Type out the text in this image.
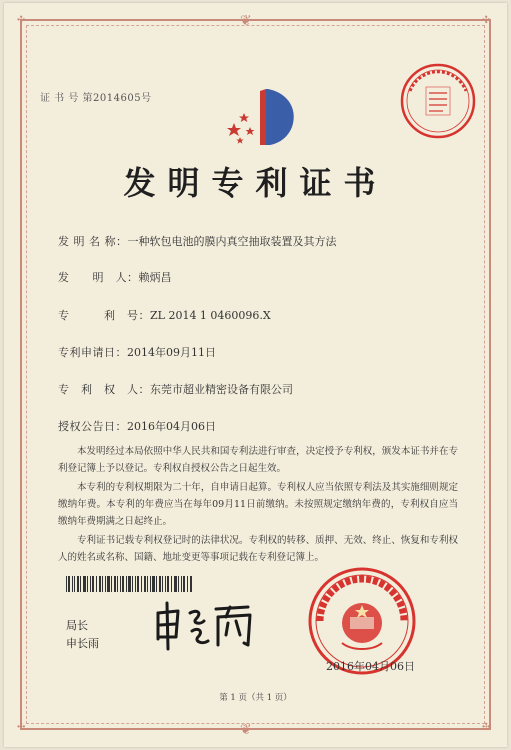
✣	✣
✣	✣
❦
❦
证 书 号 第2014605号
发明专利证书
发 明 名 称：一种软包电池的膜内真空抽取装置及其方法
发　　明　人：赖炳昌
专　　　利　号：ZL 2014 1 0460096.X
专利申请日：2014年09月11日
专　利　权　人：东莞市超业精密设备有限公司
授权公告日：2016年04月06日
本发明经过本局依照中华人民共和国专利法进行审查，决定授予专利权，颁发本证书并在专利登记簿上予以登记。专利权自授权公告之日起生效。
本专利的专利权期限为二十年，自申请日起算。专利权人应当依照专利法及其实施细则规定缴纳年费。本专利的年费应当在每年09月11日前缴纳。未按照规定缴纳年费的，专利权自应当缴纳年费期满之日起终止。
专利证书记载专利权登记时的法律状况。专利权的转移、质押、无效、终止、恢复和专利权人的姓名或名称、国籍、地址变更等事项记载在专利登记簿上。
局长
申长雨
2016年04月06日
第 1 页（共 1 页）
